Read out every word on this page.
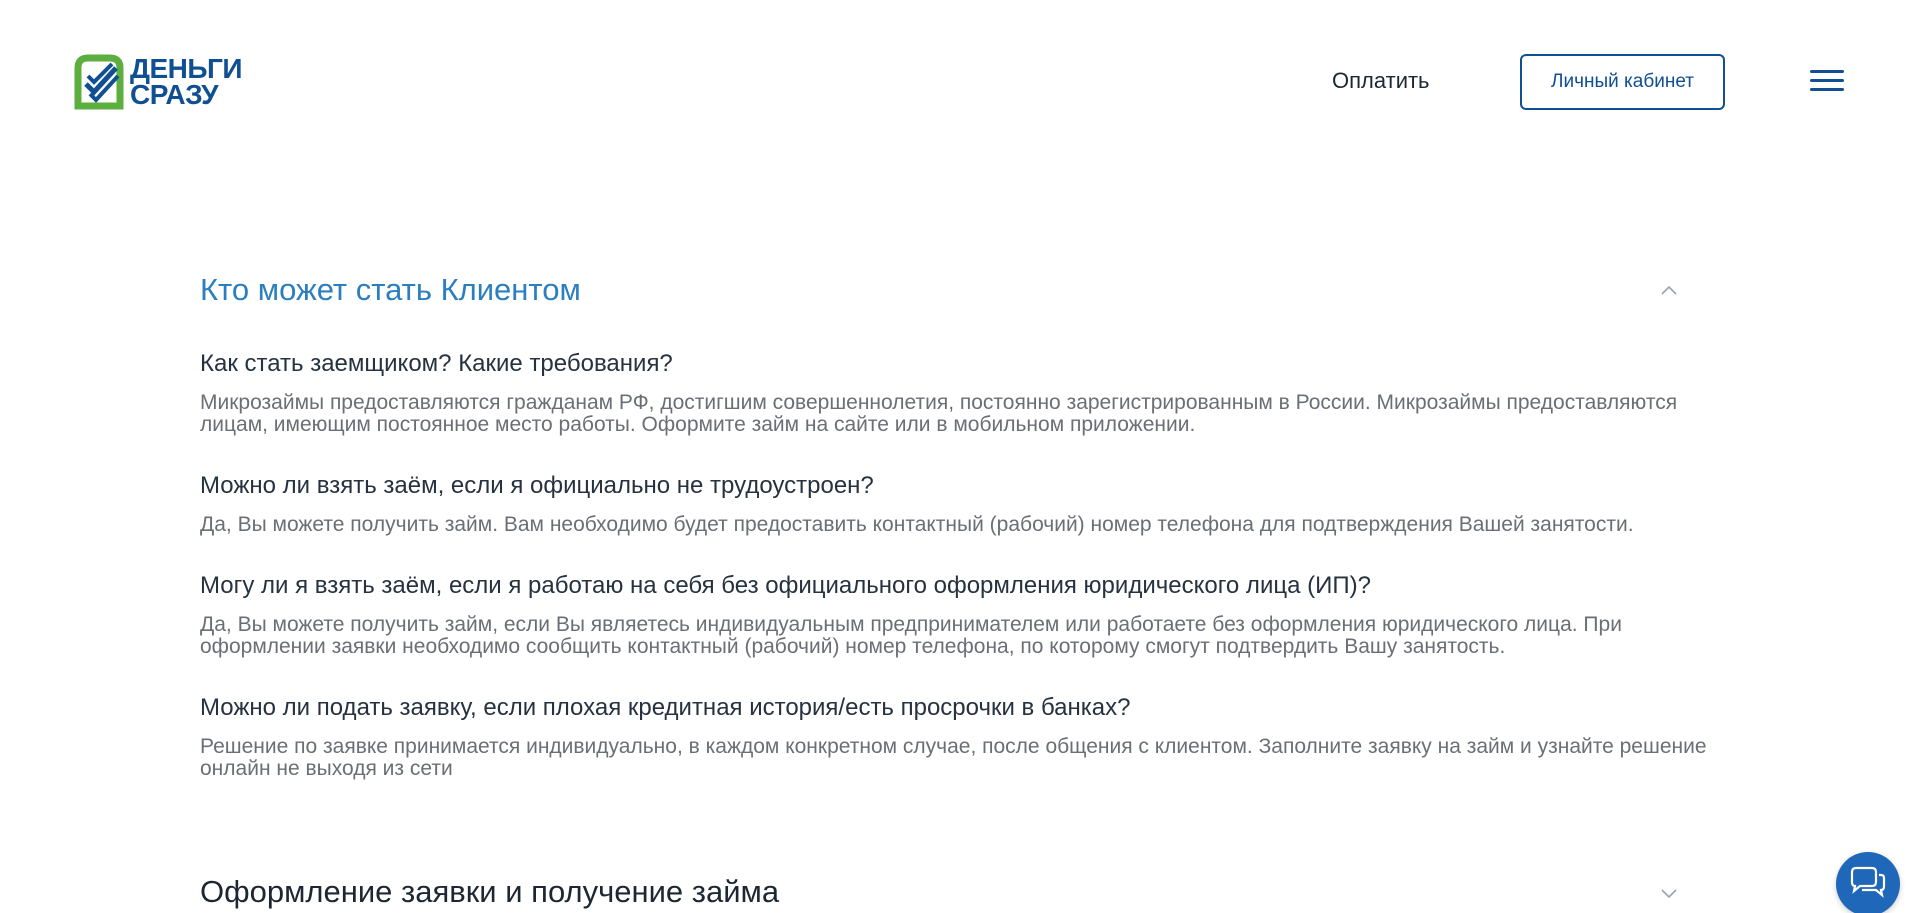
ДЕНЬГИ
СРАЗУ	Оплатить	Личный кабинет
Кто может стать Клиентом
Как стать заемщиком? Какие требования?
Микрозаймы предоставляются гражданам РФ, достигшим совершеннолетия, постоянно зарегистрированным в России. Микрозаймы предоставляются лицам, имеющим постоянное место работы. Оформите займ на сайте или в мобильном приложении.
Можно ли взять заём, если я официально не трудоустроен?
Да, Вы можете получить займ. Вам необходимо будет предоставить контактный (рабочий) номер телефона для подтверждения Вашей занятости.
Могу ли я взять заём, если я работаю на себя без официального оформления юридического лица (ИП)?
Да, Вы можете получить займ, если Вы являетесь индивидуальным предпринимателем или работаете без оформления юридического лица. При оформлении заявки необходимо сообщить контактный (рабочий) номер телефона, по которому смогут подтвердить Вашу занятость.
Можно ли подать заявку, если плохая кредитная история/есть просрочки в банках?
Решение по заявке принимается индивидуально, в каждом конкретном случае, после общения с клиентом. Заполните заявку на займ и узнайте решение онлайн не выходя из сети
Оформление заявки и получение займа
